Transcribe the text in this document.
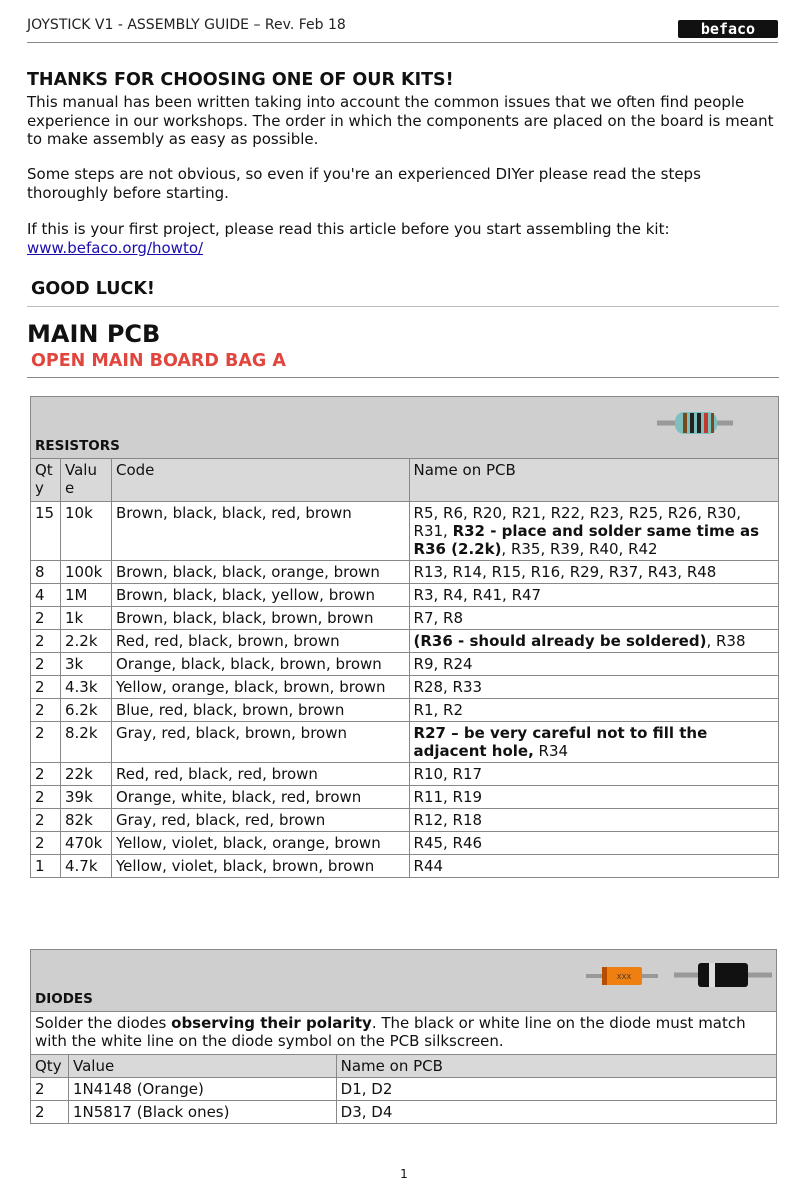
JOYSTICK V1 - ASSEMBLY GUIDE – Rev. Feb 18	befaco
THANKS FOR CHOOSING ONE OF OUR KITS!
This manual has been written taking into account the common issues that we often find people experience in our workshops. The order in which the components are placed on the board is meant to make assembly as easy as possible.
Some steps are not obvious, so even if you're an experienced DIYer please read the steps thoroughly before starting.
If this is your first project, please read this article before you start assembling the kit:
www.befaco.org/howto/
GOOD LUCK!
MAIN PCB
OPEN MAIN BOARD BAG A
RESISTORS			
Qt y	Valu e	Code	Name on PCB
15	10k	Brown, black, black, red, brown	R5, R6, R20, R21, R22, R23, R25, R26, R30, R31, R32 - place and solder same time as R36 (2.2k), R35, R39, R40, R42
8	100k	Brown, black, black, orange, brown	R13, R14, R15, R16, R29, R37, R43, R48
4	1M	Brown, black, black, yellow, brown	R3, R4, R41, R47
2	1k	Brown, black, black, brown, brown	R7, R8
2	2.2k	Red, red, black, brown, brown	(R36 - should already be soldered), R38
2	3k	Orange, black, black, brown, brown	R9, R24
2	4.3k	Yellow, orange, black, brown, brown	R28, R33
2	6.2k	Blue, red, black, brown, brown	R1, R2
2	8.2k	Gray, red, black, brown, brown	R27 – be very careful not to fill the adjacent hole, R34
2	22k	Red, red, black, red, brown	R10, R17
2	39k	Orange, white, black, red, brown	R11, R19
2	82k	Gray, red, black, red, brown	R12, R18
2	470k	Yellow, violet, black, orange, brown	R45, R46
1	4.7k	Yellow, violet, black, brown, brown	R44
XXX
DIODES		
Solder the diodes observing their polarity. The black or white line on the diode must match with the white line on the diode symbol on the PCB silkscreen.		
Qty	Value	Name on PCB
2	1N4148 (Orange)	D1, D2
2	1N5817 (Black ones)	D3, D4
1
